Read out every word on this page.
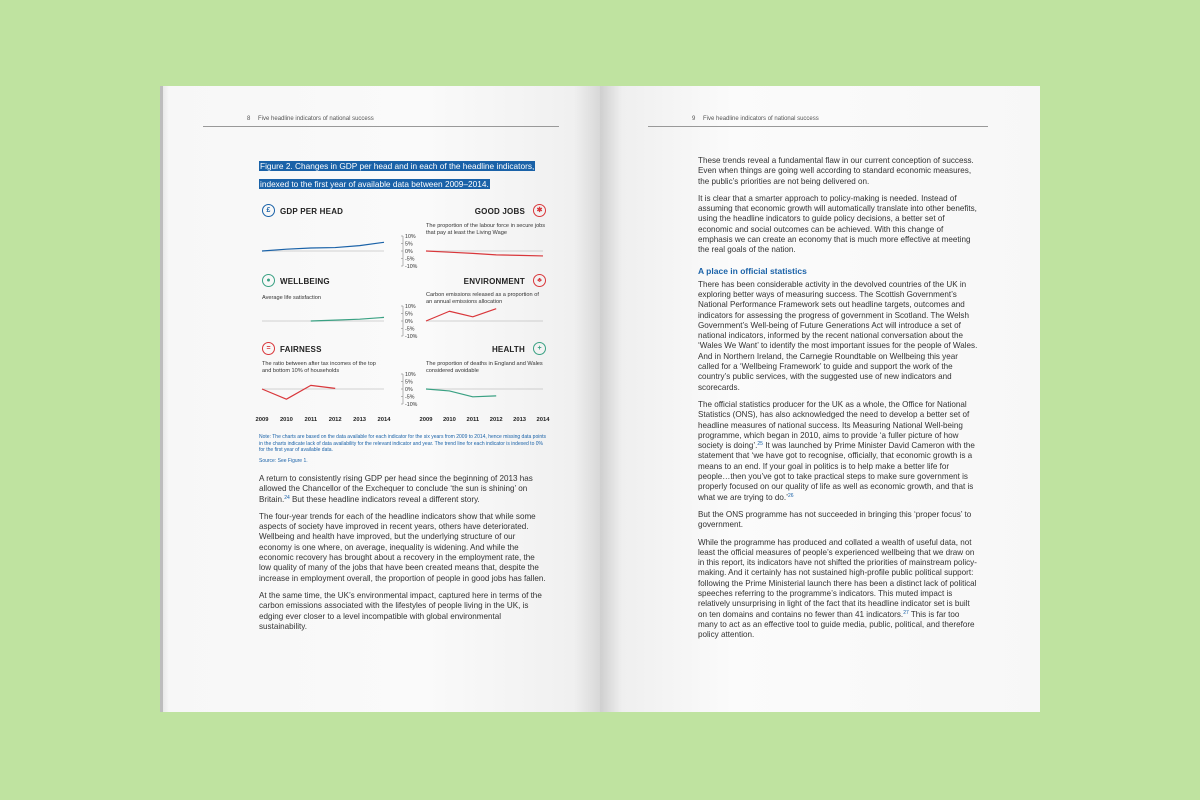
8 Five headline indicators of national success
Figure 2. Changes in GDP per head and in each of the headline indicators, indexed to the first year of available data between 2009–2014.
£	GDP PER HEAD	GOOD JOBS	✱
The proportion of the labour force in secure jobs that pay at least the Living Wage
●	WELLBEING
Average life satisfaction
ENVIRONMENT	♣
Carbon emissions released as a proportion of an annual emissions allocation
=	FAIRNESS
The ratio between after tax incomes of the top and bottom 10% of households
HEALTH	+
The proportion of deaths in England and Wales considered avoidable
10%
5%
0%
-5%
-10%
10%
5%
0%
-5%
-10%
10%
5%
0%
-5%
-10%
2009	2009
2010	2010
2011	2011
2012	2012
2013	2013
2014	2014
Note: The charts are based on the data available for each indicator for the six years from 2009 to 2014, hence missing data points in the charts indicate lack of data availability for the relevant indicator and year. The trend line for each indicator is indexed to 0% for the first year of available data.
Source: See Figure 1.

A return to consistently rising GDP per head since the beginning of 2013 has allowed the Chancellor of the Exchequer to conclude ‘the sun is shining’ on Britain.$^{24}$ But these headline indicators reveal a different story.

The four-year trends for each of the headline indicators show that while some aspects of society have improved in recent years, others have deteriorated. Wellbeing and health have improved, but the underlying structure of our economy is one where, on average, inequality is widening. And while the economic recovery has brought about a recovery in the employment rate, the low quality of many of the jobs that have been created means that, despite the increase in employment overall, the proportion of people in good jobs has fallen.

At the same time, the UK’s environmental impact, captured here in terms of the carbon emissions associated with the lifestyles of people living in the UK, is edging ever closer to a level incompatible with global environmental sustainability.

9 Five headline indicators of national success

These trends reveal a fundamental flaw in our current conception of success. Even when things are going well according to standard economic measures, the public’s priorities are not being delivered on.

It is clear that a smarter approach to policy-making is needed. Instead of assuming that economic growth will automatically translate into other benefits, using the headline indicators to guide policy decisions, a better set of economic and social outcomes can be achieved. With this change of emphasis we can create an economy that is much more effective at meeting the real goals of the nation.

A place in official statistics

There has been considerable activity in the devolved countries of the UK in exploring better ways of measuring success. The Scottish Government’s National Performance Framework sets out headline targets, outcomes and indicators for assessing the progress of government in Scotland. The Welsh Government’s Well-being of Future Generations Act will introduce a set of national indicators, informed by the recent national conversation about the ‘Wales We Want’ to identify the most important issues for the people of Wales. And in Northern Ireland, the Carnegie Roundtable on Wellbeing this year called for a ‘Wellbeing Framework’ to guide and support the work of the country’s public services, with the suggested use of new indicators and scorecards.

The official statistics producer for the UK as a whole, the Office for National Statistics (ONS), has also acknowledged the need to develop a better set of headline measures of national success. Its Measuring National Well-being programme, which began in 2010, aims to provide ‘a fuller picture of how society is doing’.$^{25}$ It was launched by Prime Minister David Cameron with the statement that ‘we have got to recognise, officially, that economic growth is a means to an end. If your goal in politics is to help make a better life for people…then you’ve got to take practical steps to make sure government is properly focused on our quality of life as well as economic growth, and that is what we are trying to do.’$^{26}$

But the ONS programme has not succeeded in bringing this ‘proper focus’ to government.

While the programme has produced and collated a wealth of useful data, not least the official measures of people’s experienced wellbeing that we draw on in this report, its indicators have not shifted the priorities of mainstream policy-making. And it certainly has not sustained high-profile public political support: following the Prime Ministerial launch there has been a distinct lack of political speeches referring to the programme’s indicators. This muted impact is relatively unsurprising in light of the fact that its headline indicator set is built on ten domains and contains no fewer than 41 indicators.$^{27}$ This is far too many to act as an effective tool to guide media, public, political, and therefore policy attention.
